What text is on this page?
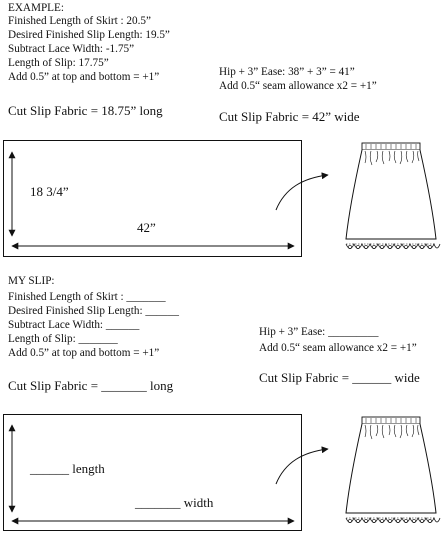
EXAMPLE:
Finished Length of Skirt : 20.5”
Desired Finished Slip Length: 19.5”
Subtract Lace Width: -1.75”
Length of Slip: 17.75”
Add 0.5” at top and bottom = +1”
Cut Slip Fabric = 18.75” long
Hip + 3” Ease: 38” + 3” = 41”
Add 0.5“ seam allowance x2 = +1”
Cut Slip Fabric = 42” wide
18 3/4”
42”
MY SLIP:
Finished Length of Skirt : _______
Desired Finished Slip Length: ______
Subtract Lace Width: ______
Length of Slip: _______
Add 0.5” at top and bottom = +1”
Cut Slip Fabric = _______ long
Hip + 3” Ease: _________
Add 0.5“ seam allowance x2 = +1”
Cut Slip Fabric = ______ wide
______ length
_______ width
